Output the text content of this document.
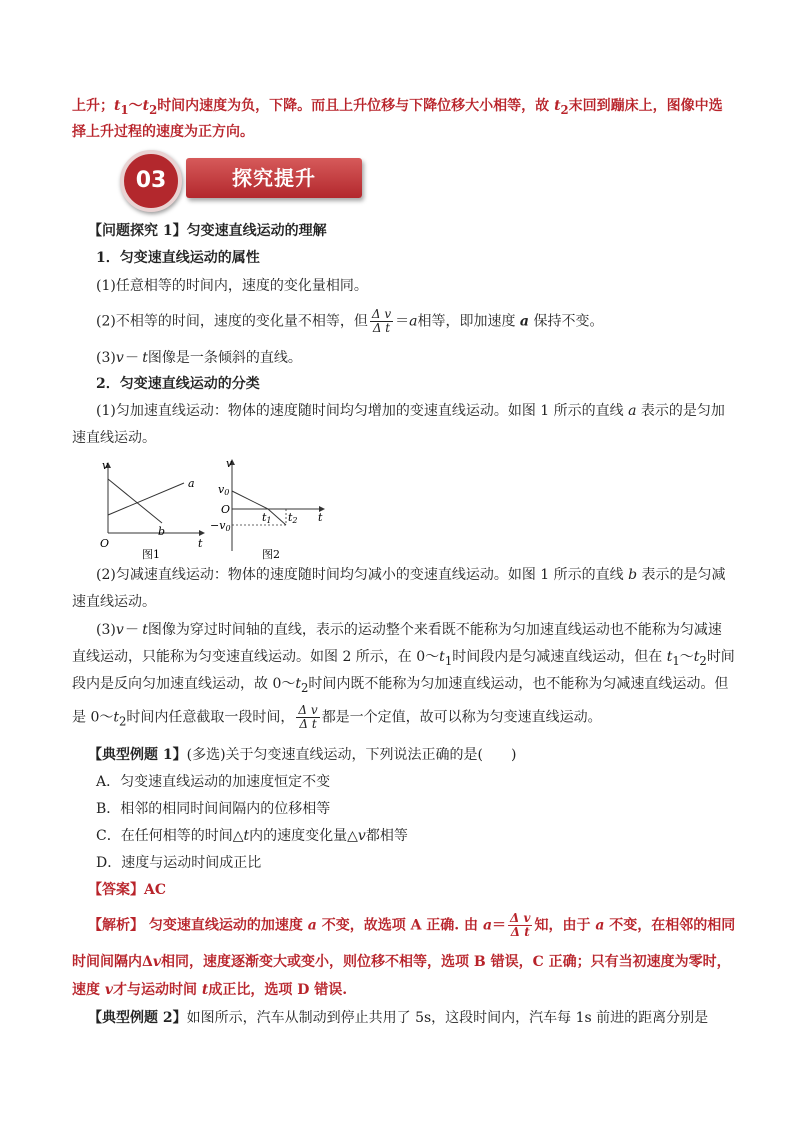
上升；$t_1\sim t_2$时间内速度为负，下降。而且上升位移与下降位移大小相等，故 $t_2$末回到蹦床上，图像中选
择上升过程的速度为正方向。
探究提升
03
【问题探究 1】匀变速直线运动的理解
1．匀变速直线运动的属性
(1)任意相等的时间内，速度的变化量相同。
(2)不相等的时间，速度的变化量不相等，但 $\frac{\text{Δ v}}{\text{Δ t}} =a$相等，即加速度 a 保持不变。
(3)v－ t图像是一条倾斜的直线。
2．匀变速直线运动的分类
(1)匀加速直线运动：物体的速度随时间均匀增加的变速直线运动。如图 1 所示的直线 a 表示的是匀加
速直线运动。
v
t
O
a
b
图1
v
t
O
v0
−v0
t1 t2
图2
(2)匀减速直线运动：物体的速度随时间均匀减小的变速直线运动。如图 1 所示的直线 b 表示的是匀减
速直线运动。
(3)v－ t图像为穿过时间轴的直线，表示的运动整个来看既不能称为匀加速直线运动也不能称为匀减速
直线运动，只能称为匀变速直线运动。如图 2 所示，在 $0\sim t_1$时间段内是匀减速直线运动，但在 $t_1\sim t_2$时间
段内是反向匀加速直线运动，故 $0\sim t_2$时间内既不能称为匀加速直线运动，也不能称为匀减速直线运动。但
是 $0\sim t_2$时间内任意截取一段时间， $\frac{\text{Δ v}}{\text{Δ t}}$ 都是一个定值，故可以称为匀变速直线运动。
【典型例题 1】(多选)关于匀变速直线运动，下列说法正确的是(　　)
A．匀变速直线运动的加速度恒定不变
B．相邻的相同时间间隔内的位移相等
C．在任何相等的时间△t内的速度变化量△v都相等
D．速度与运动时间成正比
【答案】AC
【解析】 匀变速直线运动的加速度 a 不变，故选项 A 正确. 由 $a= \frac{\text{Δ v}}{\text{Δ t}}$ 知，由于 a 不变，在相邻的相同
时间间隔内Δv相同，速度逐渐变大或变小，则位移不相等，选项 B 错误，C 正确；只有当初速度为零时，
速度 v才与运动时间 t成正比，选项 D 错误.
【典型例题 2】如图所示，汽车从制动到停止共用了 5s，这段时间内，汽车每 1s 前进的距离分别是
